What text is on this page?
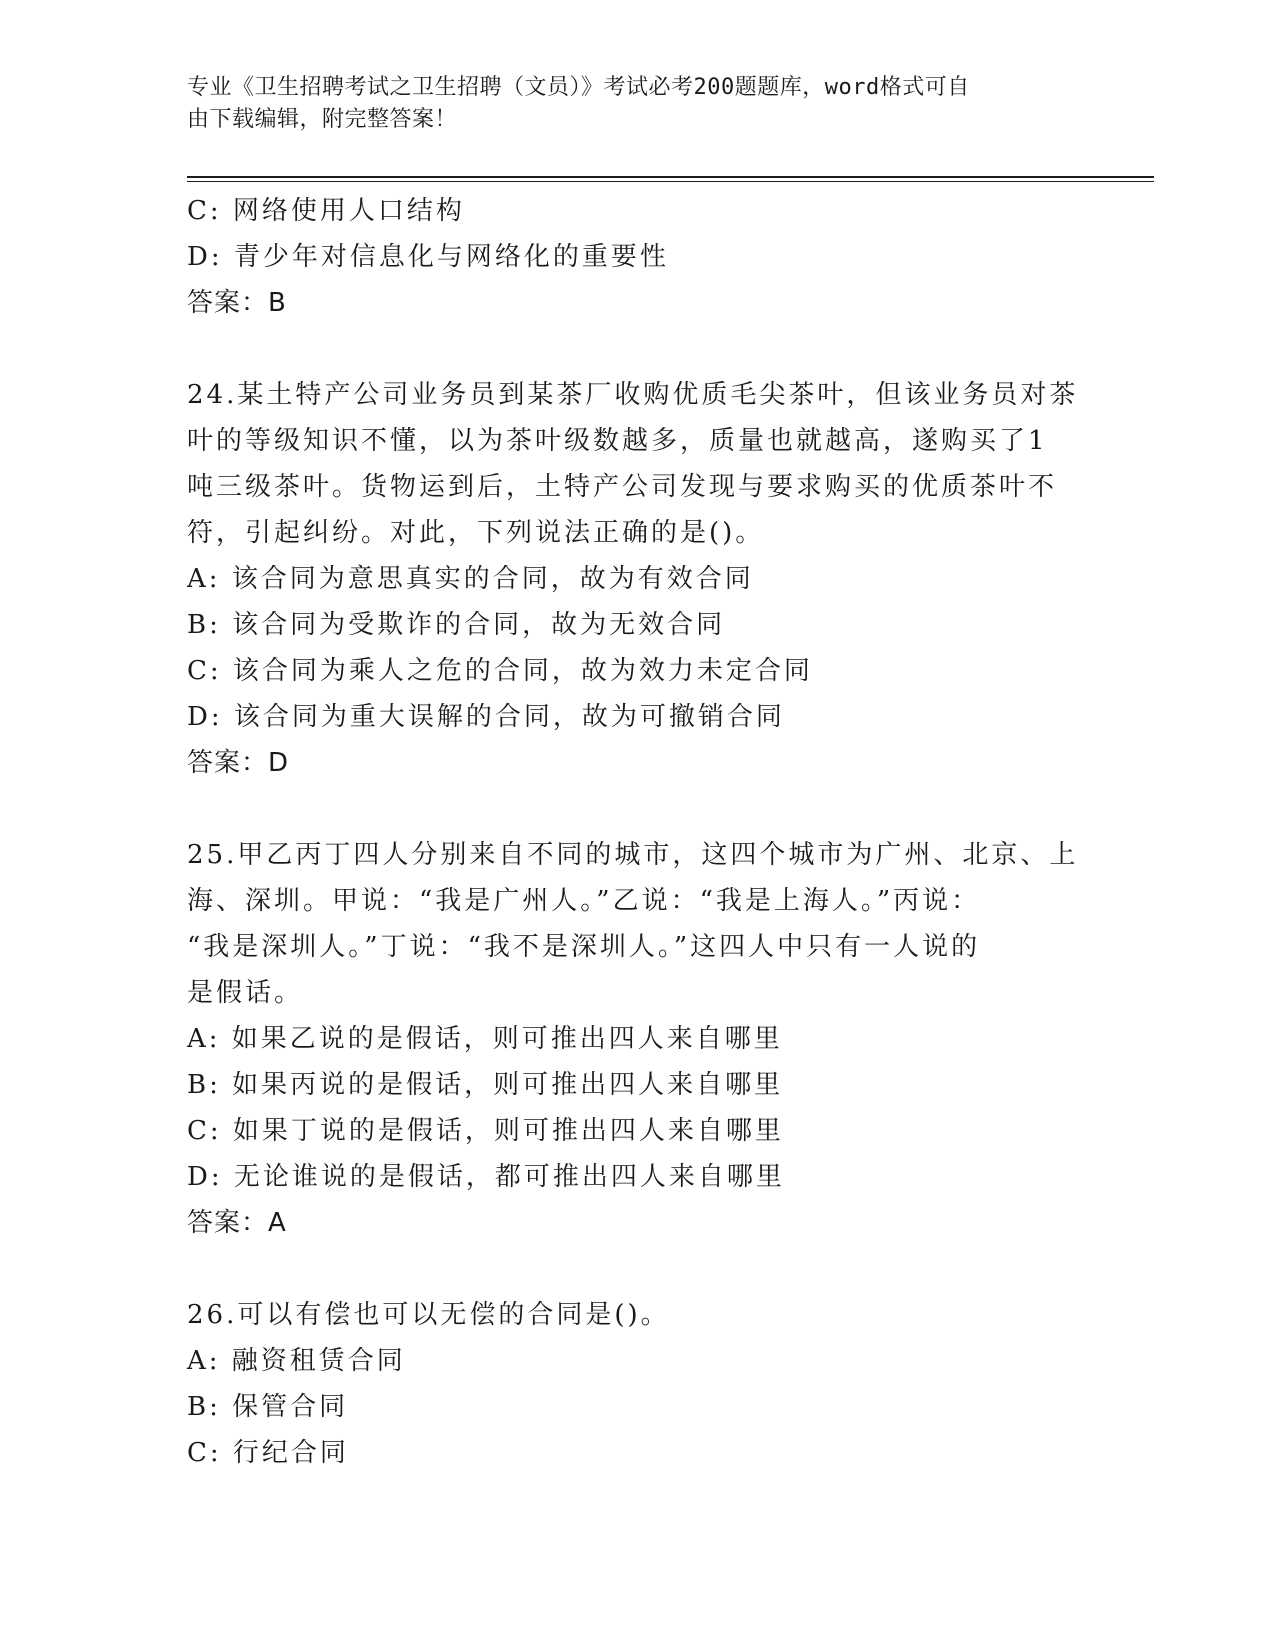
专业《卫生招聘考试之卫生招聘（文员）》考试必考200题题库，word格式可自
由下载编辑，附完整答案！
C: 网络使用人口结构
D: 青少年对信息化与网络化的重要性
答案：B
24.某土特产公司业务员到某茶厂收购优质毛尖茶叶，但该业务员对茶
叶的等级知识不懂，以为茶叶级数越多，质量也就越高，遂购买了1
吨三级茶叶。货物运到后，土特产公司发现与要求购买的优质茶叶不
符，引起纠纷。对此，下列说法正确的是()。
A: 该合同为意思真实的合同，故为有效合同
B: 该合同为受欺诈的合同，故为无效合同
C: 该合同为乘人之危的合同，故为效力未定合同
D: 该合同为重大误解的合同，故为可撤销合同
答案：D
25.甲乙丙丁四人分别来自不同的城市，这四个城市为广州、北京、上
海、深圳。甲说：“我是广州人。”乙说：“我是上海人。”丙说：
“我是深圳人。”丁说：“我不是深圳人。”这四人中只有一人说的
是假话。
A: 如果乙说的是假话，则可推出四人来自哪里
B: 如果丙说的是假话，则可推出四人来自哪里
C: 如果丁说的是假话，则可推出四人来自哪里
D: 无论谁说的是假话，都可推出四人来自哪里
答案：A
26.可以有偿也可以无偿的合同是()。
A: 融资租赁合同
B: 保管合同
C: 行纪合同
